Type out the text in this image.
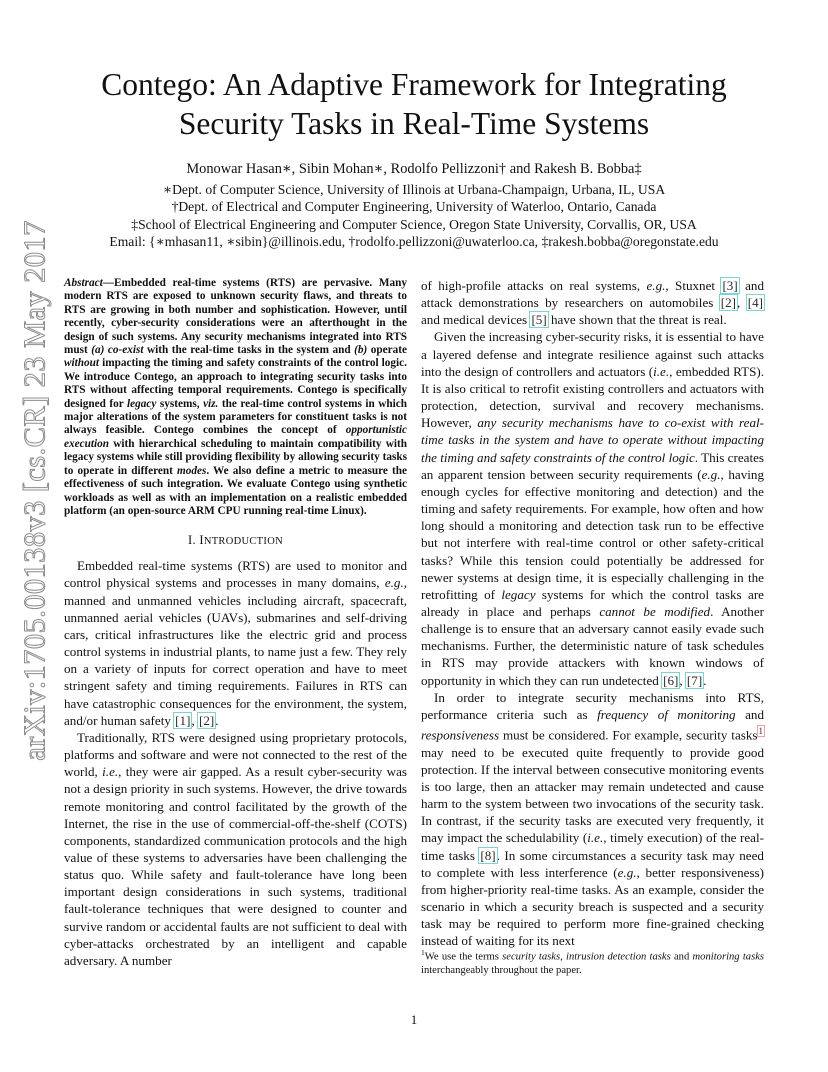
arXiv:1705.00138v3 [cs.CR] 23 May 2017
Contego: An Adaptive Framework for Integrating
Security Tasks in Real-Time Systems
Monowar Hasan∗, Sibin Mohan∗, Rodolfo Pellizzoni† and Rakesh B. Bobba‡
∗Dept. of Computer Science, University of Illinois at Urbana-Champaign, Urbana, IL, USA
†Dept. of Electrical and Computer Engineering, University of Waterloo, Ontario, Canada
‡School of Electrical Engineering and Computer Science, Oregon State University, Corvallis, OR, USA
Email: {∗mhasan11, ∗sibin}@illinois.edu, †rodolfo.pellizzoni@uwaterloo.ca, ‡rakesh.bobba@oregonstate.edu

Abstract—Embedded real-time systems (RTS) are pervasive. Many modern RTS are exposed to unknown security flaws, and threats to RTS are growing in both number and sophistication. However, until recently, cyber-security considerations were an afterthought in the design of such systems. Any security mechanisms integrated into RTS must (a) co-exist with the real-time tasks in the system and (b) operate without impacting the timing and safety constraints of the control logic. We introduce Contego, an approach to integrating security tasks into RTS without affecting temporal requirements. Contego is specifically designed for legacy systems, viz. the real-time control systems in which major alterations of the system parameters for constituent tasks is not always feasible. Contego combines the concept of opportunistic execution with hierarchical scheduling to maintain compatibility with legacy systems while still providing flexibility by allowing security tasks to operate in different modes. We also define a metric to measure the effectiveness of such integration. We evaluate Contego using synthetic workloads as well as with an implementation on a realistic embedded platform (an open-source ARM CPU running real-time Linux).

I. INTRODUCTION

Embedded real-time systems (RTS) are used to monitor and control physical systems and processes in many domains, e.g., manned and unmanned vehicles including aircraft, spacecraft, unmanned aerial vehicles (UAVs), submarines and self-driving cars, critical infrastructures like the electric grid and process control systems in industrial plants, to name just a few. They rely on a variety of inputs for correct operation and have to meet stringent safety and timing requirements. Failures in RTS can have catastrophic consequences for the environment, the system, and/or human safety [1], [2].

Traditionally, RTS were designed using proprietary protocols, platforms and software and were not connected to the rest of the world, i.e., they were air gapped. As a result cyber-security was not a design priority in such systems. However, the drive towards remote monitoring and control facilitated by the growth of the Internet, the rise in the use of commercial-off-the-shelf (COTS) components, standardized communication protocols and the high value of these systems to adversaries have been challenging the status quo. While safety and fault-tolerance have long been important design considerations in such systems, traditional fault-tolerance techniques that were designed to counter and survive random or accidental faults are not sufficient to deal with cyber-attacks orchestrated by an intelligent and capable adversary. A number

of high-profile attacks on real systems, e.g., Stuxnet [3] and attack demonstrations by researchers on automobiles [2], [4] and medical devices [5] have shown that the threat is real.

Given the increasing cyber-security risks, it is essential to have a layered defense and integrate resilience against such attacks into the design of controllers and actuators (i.e., embedded RTS). It is also critical to retrofit existing controllers and actuators with protection, detection, survival and recovery mechanisms. However, any security mechanisms have to co-exist with real-time tasks in the system and have to operate without impacting the timing and safety constraints of the control logic. This creates an apparent tension between security requirements (e.g., having enough cycles for effective monitoring and detection) and the timing and safety requirements. For example, how often and how long should a monitoring and detection task run to be effective but not interfere with real-time control or other safety-critical tasks? While this tension could potentially be addressed for newer systems at design time, it is especially challenging in the retrofitting of legacy systems for which the control tasks are already in place and perhaps cannot be modified. Another challenge is to ensure that an adversary cannot easily evade such mechanisms. Further, the deterministic nature of task schedules in RTS may provide attackers with known windows of opportunity in which they can run undetected [6], [7].

In order to integrate security mechanisms into RTS, performance criteria such as frequency of monitoring and responsiveness must be considered. For example, security tasks$^1$ may need to be executed quite frequently to provide good protection. If the interval between consecutive monitoring events is too large, then an attacker may remain undetected and cause harm to the system between two invocations of the security task. In contrast, if the security tasks are executed very frequently, it may impact the schedulability (i.e., timely execution) of the real-time tasks [8]. In some circumstances a security task may need to complete with less interference (e.g., better responsiveness) from higher-priority real-time tasks. As an example, consider the scenario in which a security breach is suspected and a security task may be required to perform more fine-grained checking instead of waiting for its next

$^1$We use the terms security tasks, intrusion detection tasks and monitoring tasks interchangeably throughout the paper.
1
